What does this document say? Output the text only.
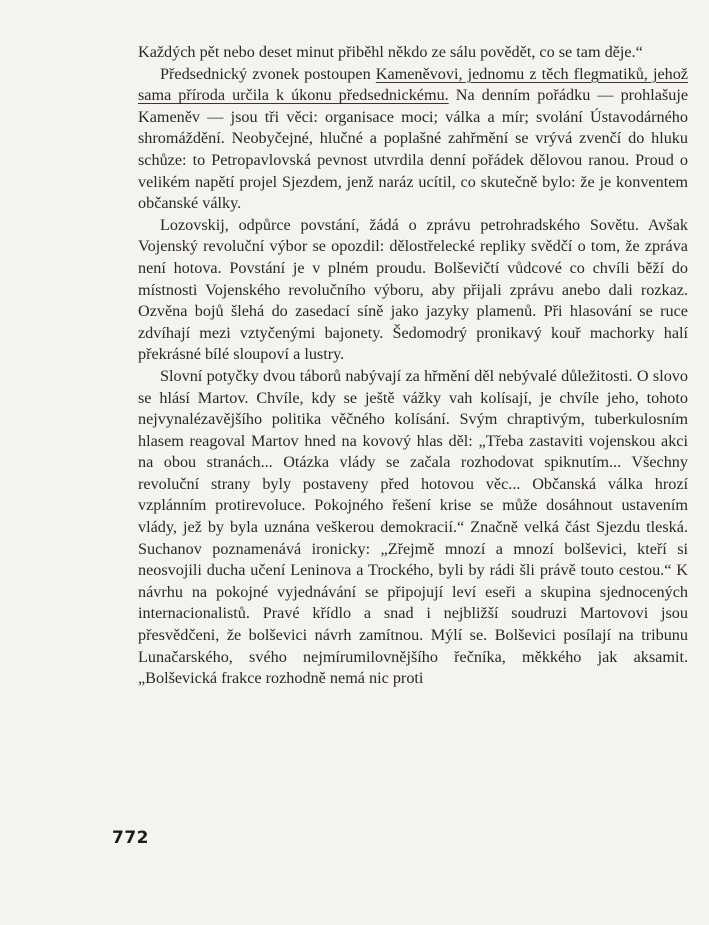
Každých pět nebo deset minut přiběhl někdo ze sálu povědět, co se tam děje.“

Předsednický zvonek postoupen Kameněvovi, jednomu z těch flegmatiků, jehož sama příroda určila k úkonu předsednickému. Na denním pořádku — prohlašuje Kameněv — jsou tři věci: organisace moci; válka a mír; svolání Ústavodárného shromáždění. Neobyčejné, hlučné a poplašné zahřmění se vrývá zvenčí do hluku schůze: to Petropavlovská pevnost utvrdila denní pořádek dělovou ranou. Proud o velikém napětí projel Sjezdem, jenž naráz ucítil, co skutečně bylo: že je konventem občanské války.

Lozovskij, odpůrce povstání, žádá o zprávu petrohradského Sovětu. Avšak Vojenský revoluční výbor se opozdil: dělostřelecké repliky svědčí o tom, že zpráva není hotova. Povstání je v plném proudu. Bolševičtí vůdcové co chvíli běží do místnosti Vojenského revolučního výboru, aby přijali zprávu anebo dali rozkaz. Ozvěna bojů šlehá do zasedací síně jako jazyky plamenů. Při hlasování se ruce zdvíhají mezi vztyčenými bajonety. Šedomodrý pronikavý kouř machorky halí překrásné bílé sloupoví a lustry.

Slovní potyčky dvou táborů nabývají za hřmění děl nebývalé důležitosti. O slovo se hlásí Martov. Chvíle, kdy se ještě vážky vah kolísají, je chvíle jeho, tohoto nejvynalézavějšího politika věčného kolísání. Svým chraptivým, tuberkulosním hlasem reagoval Martov hned na kovový hlas děl: „Třeba zastaviti vojenskou akci na obou stranách... Otázka vlády se začala rozhodovat spiknutím... Všechny revoluční strany byly postaveny před hotovou věc... Občanská válka hrozí vzplánním protirevoluce. Pokojného řešení krise se může dosáhnout ustavením vlády, jež by byla uznána veškerou demokracií.“ Značně velká část Sjezdu tleská. Suchanov poznamenává ironicky: „Zřejmě mnozí a mnozí bolševici, kteří si neosvojili ducha učení Leninova a Trockého, byli by rádi šli právě touto cestou.“ K návrhu na pokojné vyjednávání se připojují leví eseři a skupina sjednocených internacionalistů. Pravé křídlo a snad i nejbližší soudruzi Martovovi jsou přesvědčeni, že bolševici návrh zamítnou. Mýlí se. Bolševici posílají na tribunu Lunačarského, svého nejmírumilovnějšího řečníka, měkkého jak aksamit. „Bolševická frakce rozhodně nemá nic proti

772
